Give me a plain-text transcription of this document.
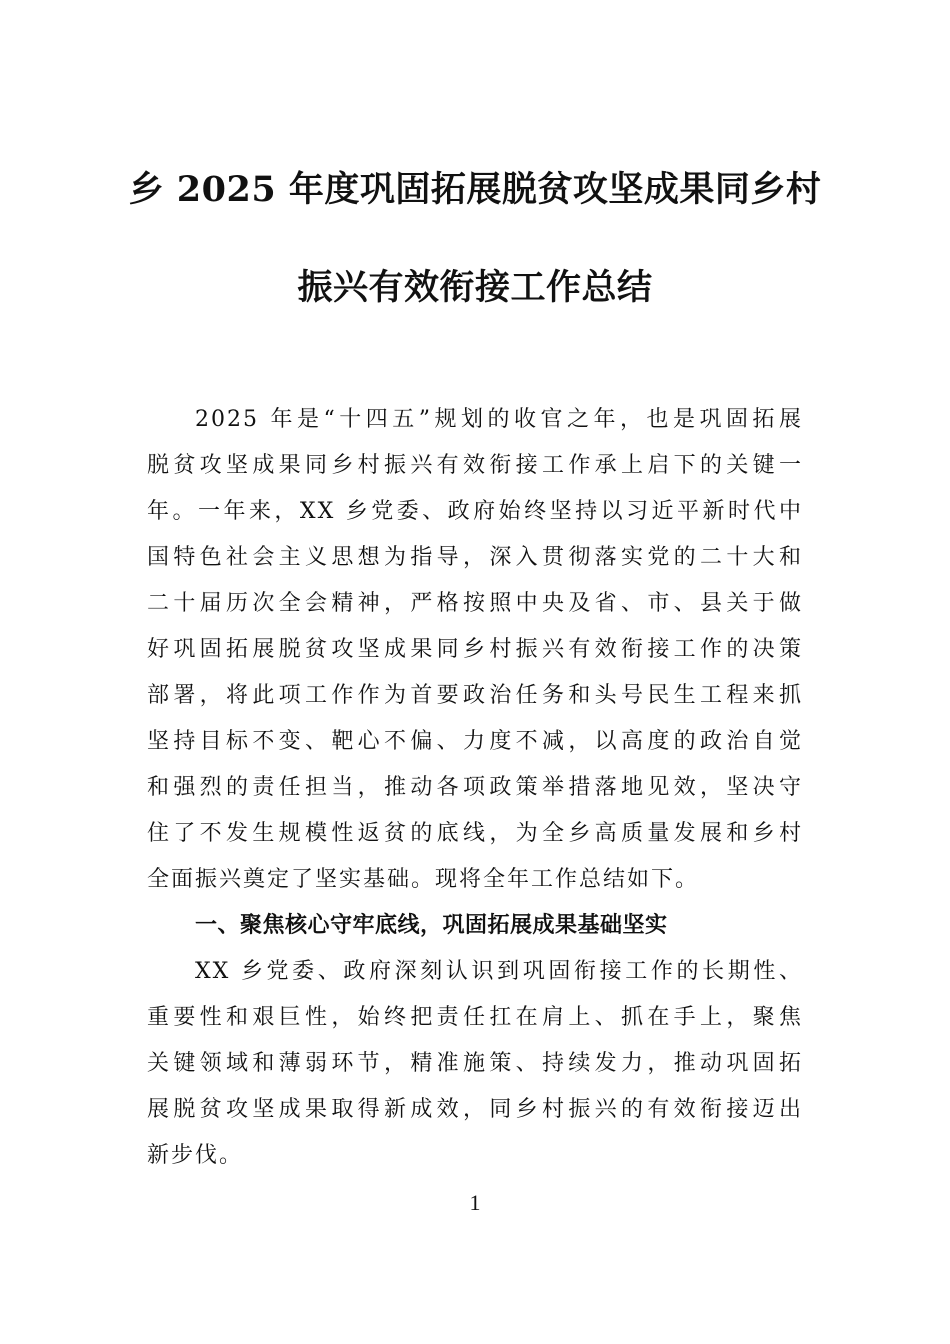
乡 2025 年度巩固拓展脱贫攻坚成果同乡村
振兴有效衔接工作总结
2025 年是“十四五”规划的收官之年，也是巩固拓展
脱贫攻坚成果同乡村振兴有效衔接工作承上启下的关键一
年。一年来，XX 乡党委、政府始终坚持以习近平新时代中
国特色社会主义思想为指导，深入贯彻落实党的二十大和
二十届历次全会精神，严格按照中央及省、市、县关于做
好巩固拓展脱贫攻坚成果同乡村振兴有效衔接工作的决策
部署，将此项工作作为首要政治任务和头号民生工程来抓
坚持目标不变、靶心不偏、力度不减，以高度的政治自觉
和强烈的责任担当，推动各项政策举措落地见效，坚决守
住了不发生规模性返贫的底线，为全乡高质量发展和乡村
全面振兴奠定了坚实基础。现将全年工作总结如下。
一、聚焦核心守牢底线，巩固拓展成果基础坚实
XX 乡党委、政府深刻认识到巩固衔接工作的长期性、
重要性和艰巨性，始终把责任扛在肩上、抓在手上，聚焦
关键领域和薄弱环节，精准施策、持续发力，推动巩固拓
展脱贫攻坚成果取得新成效，同乡村振兴的有效衔接迈出
新步伐。
1
